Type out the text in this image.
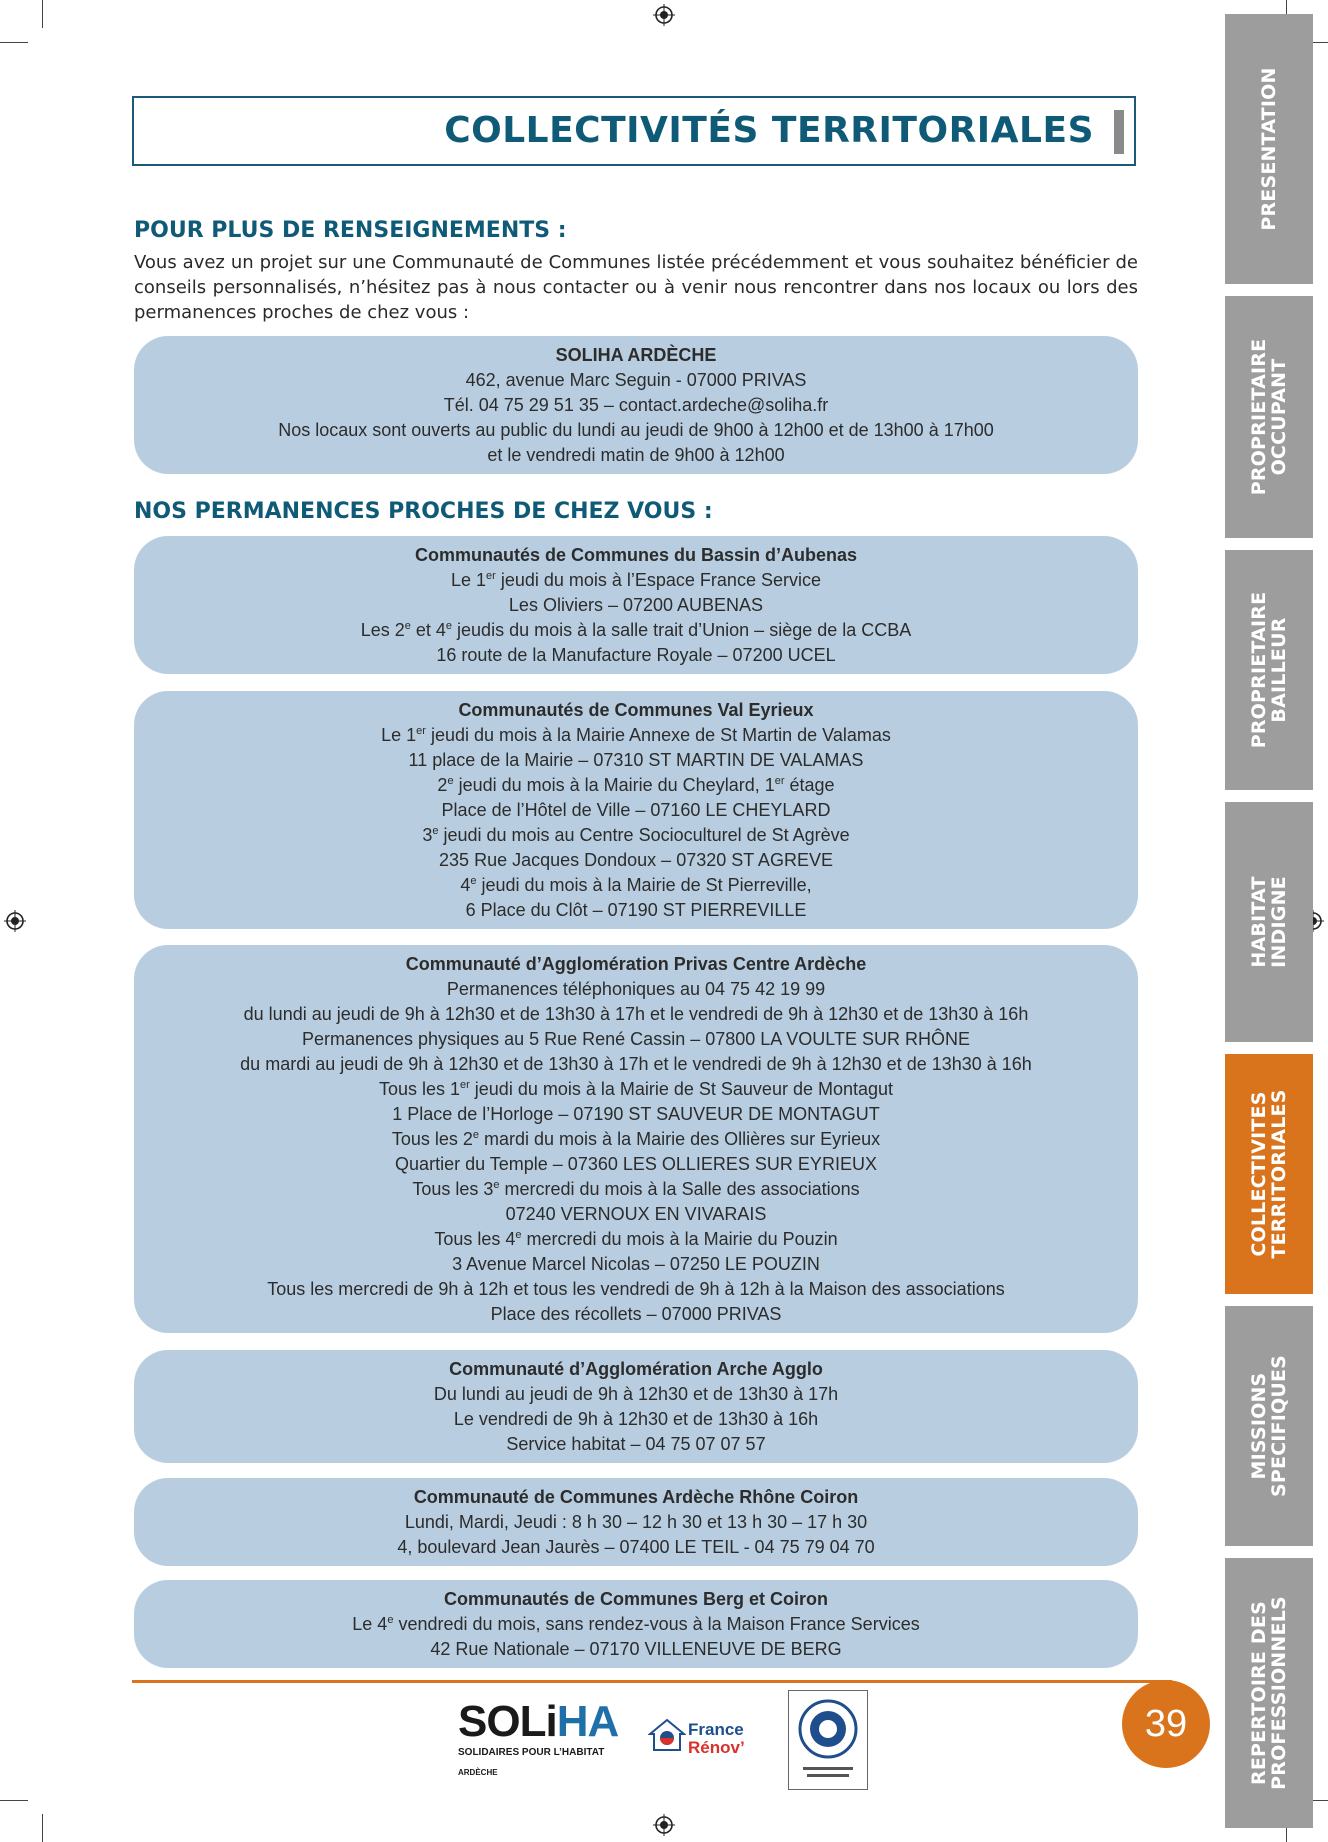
COLLECTIVITÉS TERRITORIALES
POUR PLUS DE RENSEIGNEMENTS :
Vous avez un projet sur une Communauté de Communes listée précédemment et vous souhaitez bénéficier de conseils personnalisés, n’hésitez pas à nous contacter ou à venir nous rencontrer dans nos locaux ou lors des permanences proches de chez vous :
SOLIHA ARDÈCHE
462, avenue Marc Seguin - 07000 PRIVAS
Tél. 04 75 29 51 35 – contact.ardeche@soliha.fr
Nos locaux sont ouverts au public du lundi au jeudi de 9h00 à 12h00 et de 13h00 à 17h00
et le vendredi matin de 9h00 à 12h00
NOS PERMANENCES PROCHES DE CHEZ VOUS :
Communautés de Communes du Bassin d’Aubenas
Le 1er jeudi du mois à l’Espace France Service
Les Oliviers – 07200 AUBENAS
Les 2e et 4e jeudis du mois à la salle trait d’Union – siège de la CCBA
16 route de la Manufacture Royale – 07200 UCEL
Communautés de Communes Val Eyrieux
Le 1er jeudi du mois à la Mairie Annexe de St Martin de Valamas
11 place de la Mairie – 07310 ST MARTIN DE VALAMAS
2e jeudi du mois à la Mairie du Cheylard, 1er étage
Place de l’Hôtel de Ville – 07160 LE CHEYLARD
3e jeudi du mois au Centre Socioculturel de St Agrève
235 Rue Jacques Dondoux – 07320 ST AGREVE
4e jeudi du mois à la Mairie de St Pierreville,
6 Place du Clôt – 07190 ST PIERREVILLE
Communauté d’Agglomération Privas Centre Ardèche
Permanences téléphoniques au 04 75 42 19 99
du lundi au jeudi de 9h à 12h30 et de 13h30 à 17h et le vendredi de 9h à 12h30 et de 13h30 à 16h
Permanences physiques au 5 Rue René Cassin – 07800 LA VOULTE SUR RHÔNE
du mardi au jeudi de 9h à 12h30 et de 13h30 à 17h et le vendredi de 9h à 12h30 et de 13h30 à 16h
Tous les 1er jeudi du mois à la Mairie de St Sauveur de Montagut
1 Place de l’Horloge – 07190 ST SAUVEUR DE MONTAGUT
Tous les 2e mardi du mois à la Mairie des Ollières sur Eyrieux
Quartier du Temple – 07360 LES OLLIERES SUR EYRIEUX
Tous les 3e mercredi du mois à la Salle des associations
07240 VERNOUX EN VIVARAIS
Tous les 4e mercredi du mois à la Mairie du Pouzin
3 Avenue Marcel Nicolas – 07250 LE POUZIN
Tous les mercredi de 9h à 12h et tous les vendredi de 9h à 12h à la Maison des associations
Place des récollets – 07000 PRIVAS
Communauté d’Agglomération Arche Agglo
Du lundi au jeudi de 9h à 12h30 et de 13h30 à 17h
Le vendredi de 9h à 12h30 et de 13h30 à 16h
Service habitat – 04 75 07 07 57
Communauté de Communes Ardèche Rhône Coiron
Lundi, Mardi, Jeudi : 8 h 30 – 12 h 30 et 13 h 30 – 17 h 30
4, boulevard Jean Jaurès – 07400 LE TEIL - 04 75 79 04 70
Communautés de Communes Berg et Coiron
Le 4e vendredi du mois, sans rendez-vous à la Maison France Services
42 Rue Nationale – 07170 VILLENEUVE DE BERG
PRESENTATION
PROPRIETAIRE
OCCUPANT
PROPRIETAIRE
BAILLEUR
HABITAT
INDIGNE
COLLECTIVITES
TERRITORIALES
MISSIONS
SPECIFIQUES
REPERTOIRE DES
PROFESSIONNELS
39
SOLiHA
SOLIDAIRES POUR L’HABITAT
ARDÈCHE
France
Rénov’
